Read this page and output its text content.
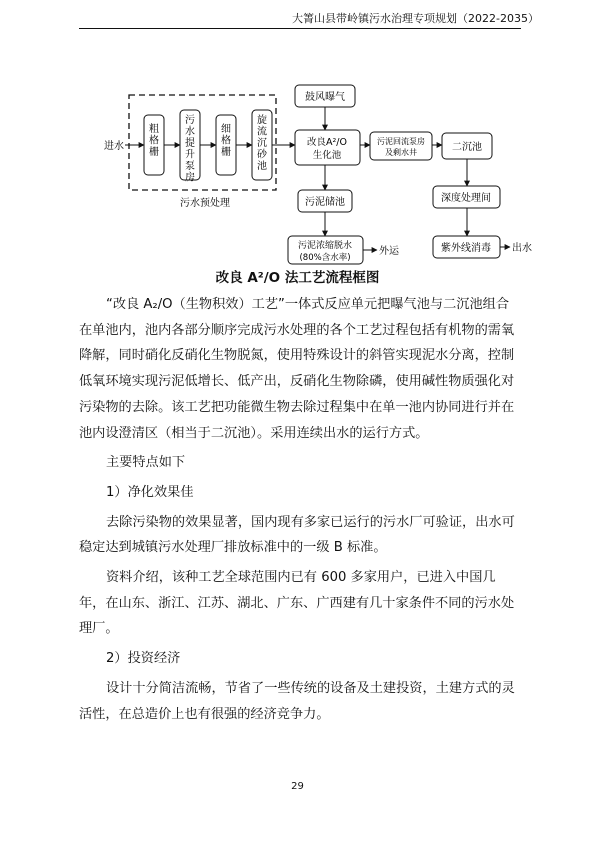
大箐山县带岭镇污水治理专项规划（2022-2035）
污水预处理
进水
粗格栅
污水提升泵房
细格栅
旋流沉砂池
鼓风曝气
改良A²/O
生化池
污泥回流泵房
及剩水井	二沉池
污泥储池
污泥浓缩脱水
(80%含水率)
外运
深度处理间
紫外线消毒 出水
改良 A²/O 法工艺流程框图

“改良 A₂/O（生物积效）工艺”一体式反应单元把曝气池与二沉池组合在单池内，池内各部分顺序完成污水处理的各个工艺过程包括有机物的需氧降解，同时硝化反硝化生物脱氮，使用特殊设计的斜管实现泥水分离，控制低氧环境实现污泥低增长、低产出，反硝化生物除磷，使用碱性物质强化对污染物的去除。该工艺把功能微生物去除过程集中在单一池内协同进行并在池内设澄清区（相当于二沉池）。采用连续出水的运行方式。

主要特点如下

1）净化效果佳

去除污染物的效果显著，国内现有多家已运行的污水厂可验证，出水可稳定达到城镇污水处理厂排放标准中的一级 B 标准。

资料介绍，该种工艺全球范围内已有 600 多家用户，已进入中国几年，在山东、浙江、江苏、湖北、广东、广西建有几十家条件不同的污水处理厂。

2）投资经济

设计十分简洁流畅，节省了一些传统的设备及土建投资，土建方式的灵活性，在总造价上也有很强的经济竞争力。

29
